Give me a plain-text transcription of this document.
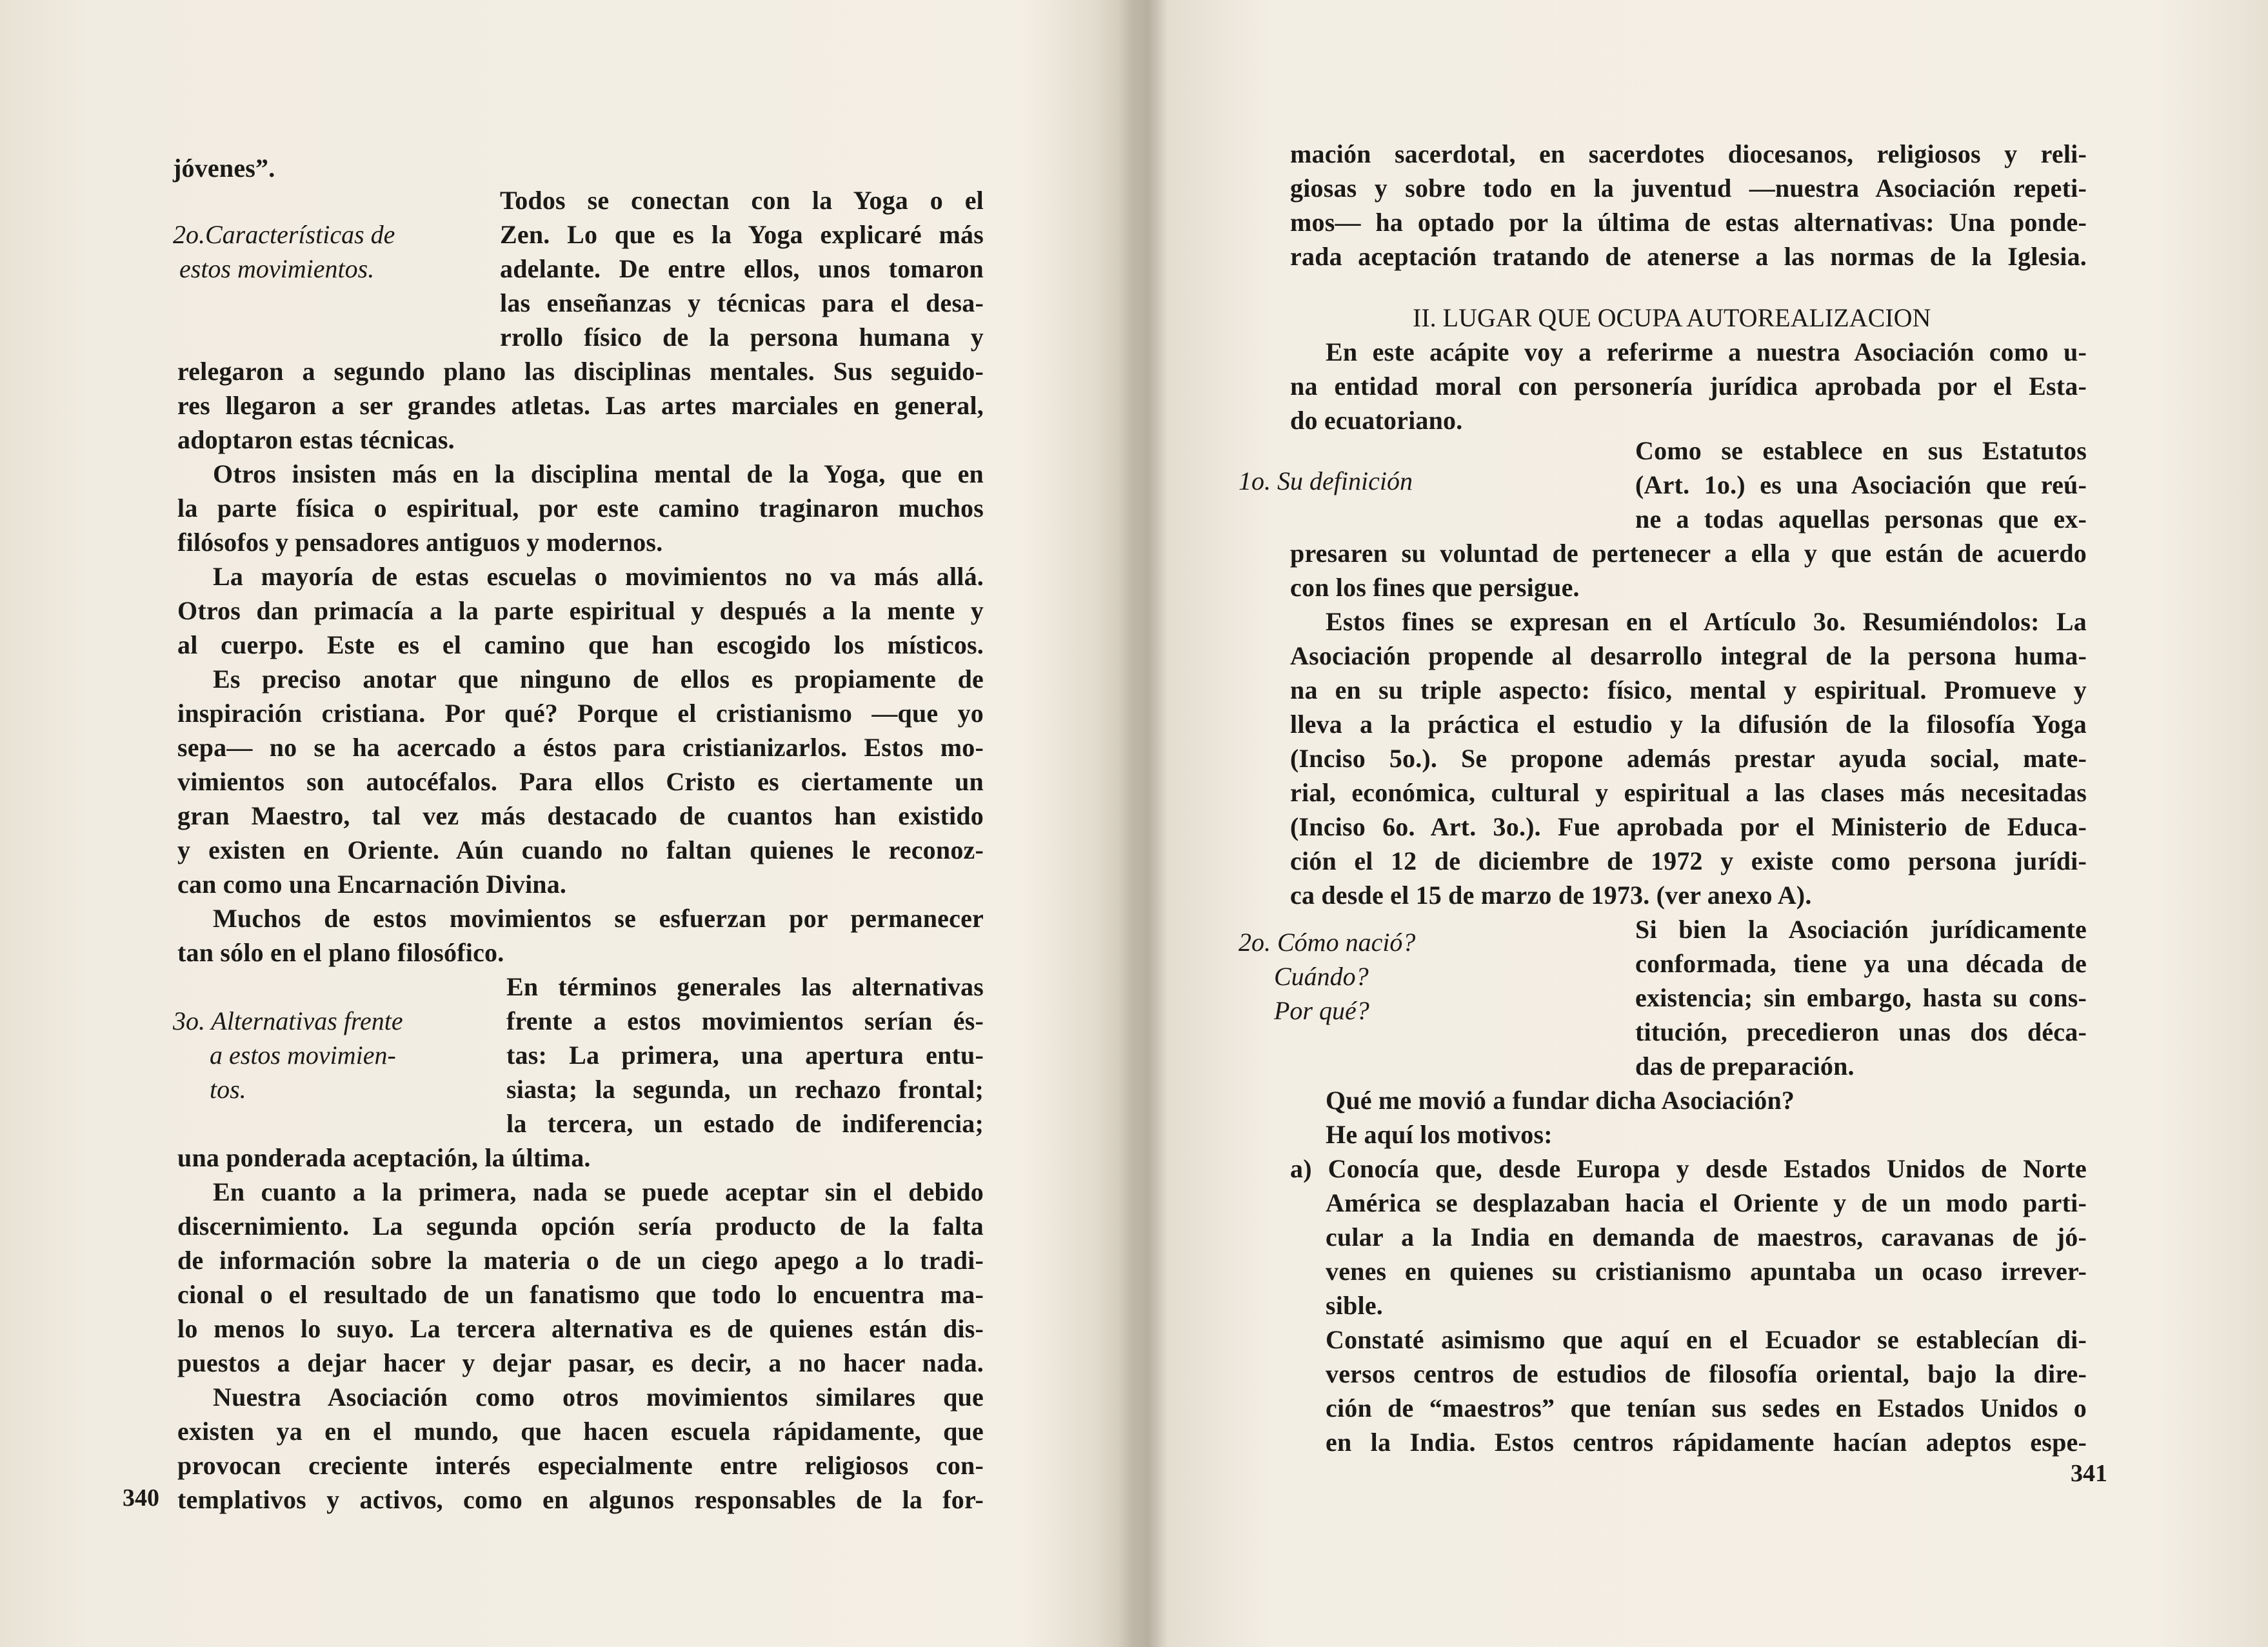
jóvenes”.
Todos se conectan con la Yoga o el
Zen. Lo que es la Yoga explicaré más
adelante. De entre ellos, unos tomaron
las enseñanzas y técnicas para el desa-
rrollo físico de la persona humana y
2o.Características de
estos movimientos.
relegaron a segundo plano las disciplinas mentales. Sus seguido-
res llegaron a ser grandes atletas. Las artes marciales en general,
adoptaron estas técnicas.
Otros insisten más en la disciplina mental de la Yoga, que en
la parte física o espiritual, por este camino traginaron muchos
filósofos y pensadores antiguos y modernos.
La mayoría de estas escuelas o movimientos no va más allá.
Otros dan primacía a la parte espiritual y después a la mente y
al cuerpo. Este es el camino que han escogido los místicos.
Es preciso anotar que ninguno de ellos es propiamente de
inspiración cristiana. Por qué? Porque el cristianismo —que yo
sepa— no se ha acercado a éstos para cristianizarlos. Estos mo-
vimientos son autocéfalos. Para ellos Cristo es ciertamente un
gran Maestro, tal vez más destacado de cuantos han existido
y existen en Oriente. Aún cuando no faltan quienes le reconoz-
can como una Encarnación Divina.
Muchos de estos movimientos se esfuerzan por permanecer
tan sólo en el plano filosófico.
En términos generales las alternativas
frente a estos movimientos serían és-
tas: La primera, una apertura entu-
siasta; la segunda, un rechazo frontal;
la tercera, un estado de indiferencia;
3o. Alternativas frente
a estos movimien-
tos.
una ponderada aceptación, la última.
En cuanto a la primera, nada se puede aceptar sin el debido
discernimiento. La segunda opción sería producto de la falta
de información sobre la materia o de un ciego apego a lo tradi-
cional o el resultado de un fanatismo que todo lo encuentra ma-
lo menos lo suyo. La tercera alternativa es de quienes están dis-
puestos a dejar hacer y dejar pasar, es decir, a no hacer nada.
Nuestra Asociación como otros movimientos similares que
existen ya en el mundo, que hacen escuela rápidamente, que
provocan creciente interés especialmente entre religiosos con-
templativos y activos, como en algunos responsables de la for-
340
mación sacerdotal, en sacerdotes diocesanos, religiosos y reli-
giosas y sobre todo en la juventud —nuestra Asociación repeti-
mos— ha optado por la última de estas alternativas: Una ponde-
rada aceptación tratando de atenerse a las normas de la Iglesia.
II. LUGAR QUE OCUPA AUTOREALIZACION
En este acápite voy a referirme a nuestra Asociación como u-
na entidad moral con personería jurídica aprobada por el Esta-
do ecuatoriano.
Como se establece en sus Estatutos
(Art. 1o.) es una Asociación que reú-
ne a todas aquellas personas que ex-
1o. Su definición
presaren su voluntad de pertenecer a ella y que están de acuerdo
con los fines que persigue.
Estos fines se expresan en el Artículo 3o. Resumiéndolos: La
Asociación propende al desarrollo integral de la persona huma-
na en su triple aspecto: físico, mental y espiritual. Promueve y
lleva a la práctica el estudio y la difusión de la filosofía Yoga
(Inciso 5o.). Se propone además prestar ayuda social, mate-
rial, económica, cultural y espiritual a las clases más necesitadas
(Inciso 6o. Art. 3o.). Fue aprobada por el Ministerio de Educa-
ción el 12 de diciembre de 1972 y existe como persona jurídi-
ca desde el 15 de marzo de 1973. (ver anexo A).
Si bien la Asociación jurídicamente
conformada, tiene ya una década de
existencia; sin embargo, hasta su cons-
titución, precedieron unas dos déca-
das de preparación.
2o. Cómo nació?
Cuándo?
Por qué?
Qué me movió a fundar dicha Asociación?
He aquí los motivos:
a) Conocía que, desde Europa y desde Estados Unidos de Norte
América se desplazaban hacia el Oriente y de un modo parti-
cular a la India en demanda de maestros, caravanas de jó-
venes en quienes su cristianismo apuntaba un ocaso irrever-
sible.
Constaté asimismo que aquí en el Ecuador se establecían di-
versos centros de estudios de filosofía oriental, bajo la dire-
ción de “maestros” que tenían sus sedes en Estados Unidos o
en la India. Estos centros rápidamente hacían adeptos espe-
341
